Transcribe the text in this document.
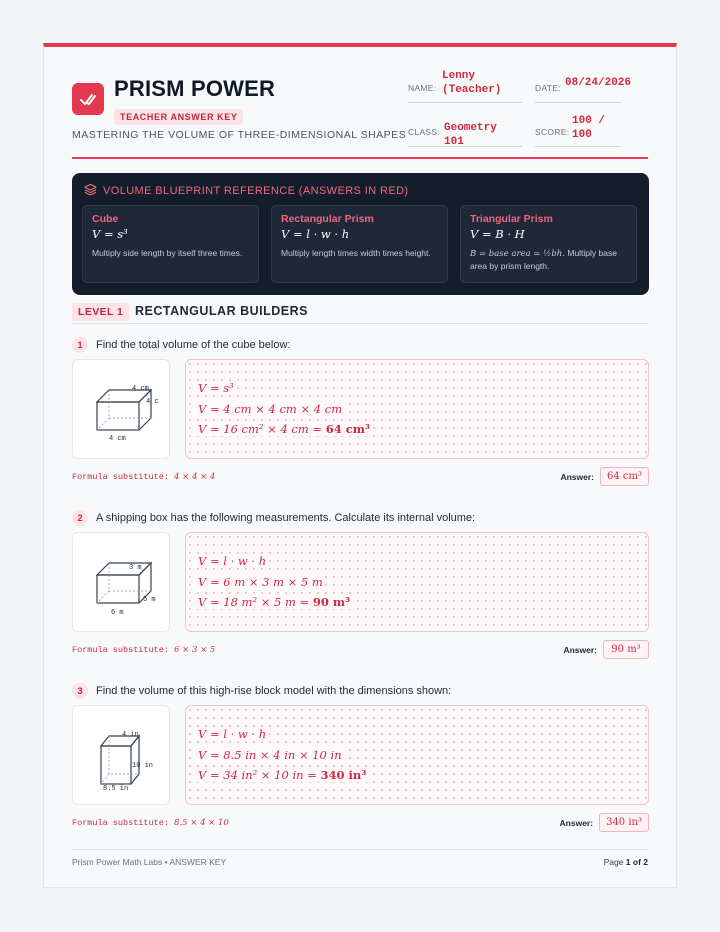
PRISM POWER
TEACHER ANSWER KEY
MASTERING THE VOLUME OF THREE-DIMENSIONAL SHAPES
NAME:
Lenny (Teacher)	DATE: 08/24/2026
CLASS: Geometry 101
SCORE:
100 / 100
VOLUME BLUEPRINT REFERENCE (ANSWERS IN RED)
Cube
V = s³
Multiply side length by itself three times.
Rectangular Prism
V = l · w · h
Multiply length times width times height.
Triangular Prism
V = B · H
B = base area = ½bh. Multiply base area by prism length.
LEVEL 1 RECTANGULAR BUILDERS
1	Find the total volume of the cube below:
4 cm
4 c
4 cm
V = s³
V = 4 cm × 4 cm × 4 cm
V = 16 cm² × 4 cm = 64 cm³
Formula substitute: 4 × 4 × 4	Answer:	64 cm³
2	A shipping box has the following measurements. Calculate its internal volume:
3 m
5 m
6 m
V = l · w · h
V = 6 m × 3 m × 5 m
V = 18 m² × 5 m = 90 m³
Formula substitute: 6 × 3 × 5	Answer:	90 m³
3	Find the volume of this high-rise block model with the dimensions shown:
4 in
10 in
8.5 in
V = l · w · h
V = 8.5 in × 4 in × 10 in
V = 34 in² × 10 in = 340 in³
Formula substitute: 8.5 × 4 × 10	Answer:	340 in³
Prism Power Math Labs • ANSWER KEY	Page 1 of 2
